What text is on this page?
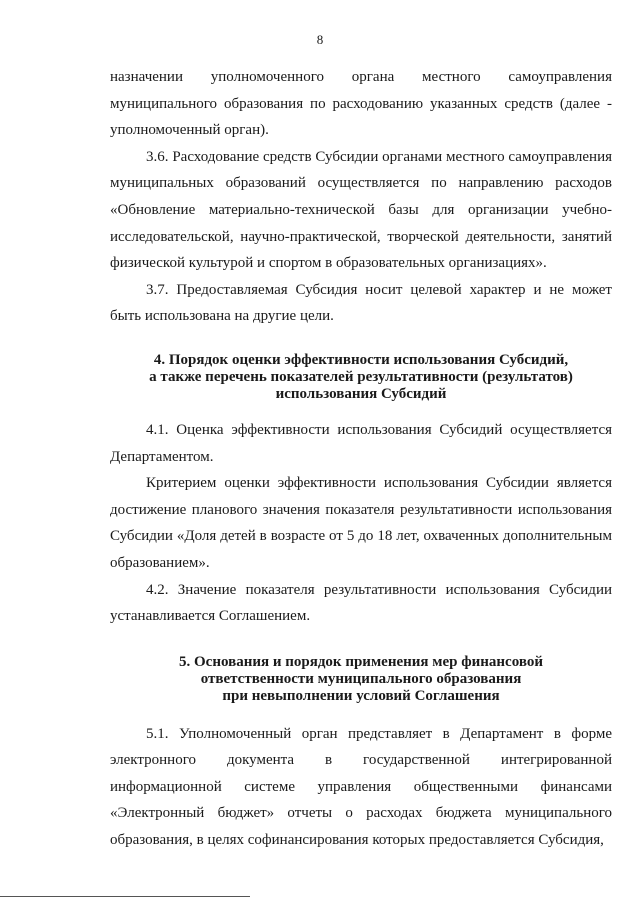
8

назначении уполномоченного органа местного самоуправления муниципального образования по расходованию указанных средств (далее - уполномоченный орган).

3.6. Расходование средств Субсидии органами местного самоуправления муниципальных образований осуществляется по направлению расходов «Обновление материально-технической базы для организации учебно-исследовательской, научно-практической, творческой деятельности, занятий физической культурой и спортом в образовательных организациях».

3.7. Предоставляемая Субсидия носит целевой характер и не может быть использована на другие цели.

4. Порядок оценки эффективности использования Субсидий,
а также перечень показателей результативности (результатов)
использования Субсидий

4.1. Оценка эффективности использования Субсидий осуществляется Департаментом.

Критерием оценки эффективности использования Субсидии является достижение планового значения показателя результативности использования Субсидии «Доля детей в возрасте от 5 до 18 лет, охваченных дополнительным образованием».

4.2. Значение показателя результативности использования Субсидии устанавливается Соглашением.

5. Основания и порядок применения мер финансовой
ответственности муниципального образования
при невыполнении условий Соглашения

5.1. Уполномоченный орган представляет в Департамент в форме электронного документа в государственной интегрированной информационной системе управления общественными финансами «Электронный бюджет» отчеты о расходах бюджета муниципального образования, в целях софинансирования которых предоставляется Субсидия,
